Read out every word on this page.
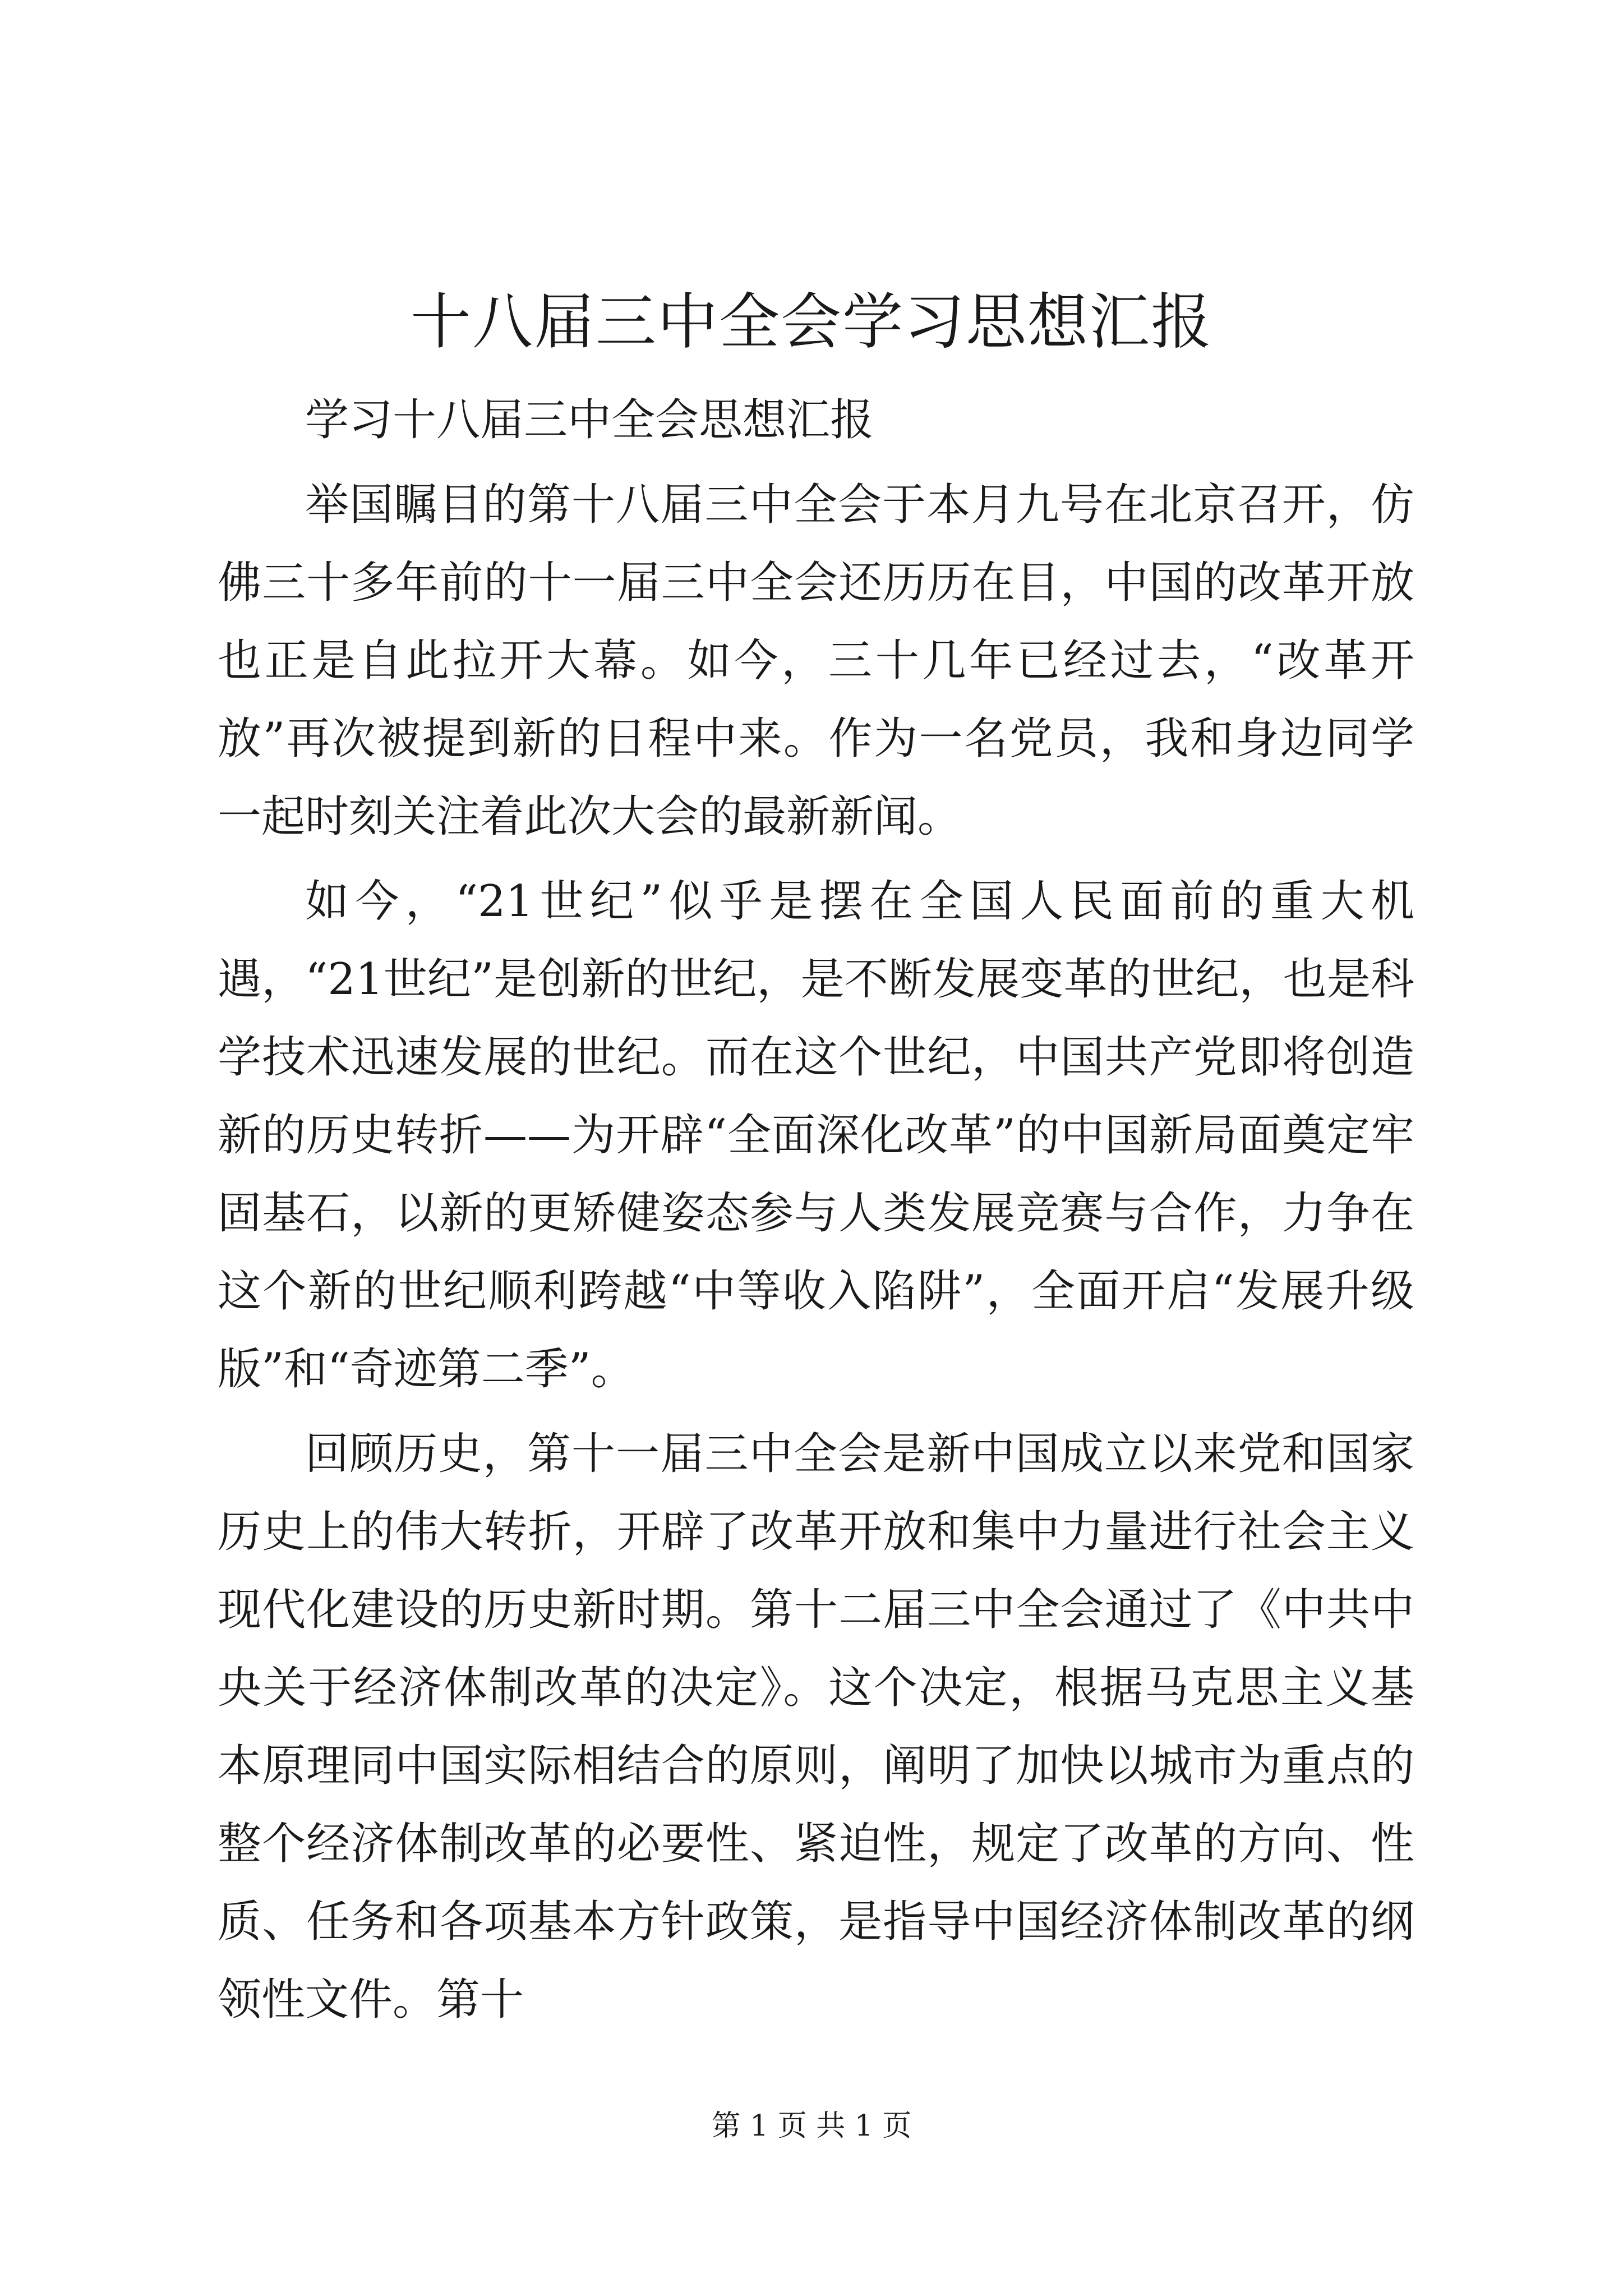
十八届三中全会学习思想汇报

学习十八届三中全会思想汇报

举国瞩目的第十八届三中全会于本月九号在北京召开，仿佛三十多年前的十一届三中全会还历历在目，中国的改革开放也正是自此拉开大幕。如今，三十几年已经过去，“改革开放”再次被提到新的日程中来。作为一名党员，我和身边同学一起时刻关注着此次大会的最新新闻。

如今，“21世纪”似乎是摆在全国人民面前的重大机遇，“21世纪”是创新的世纪，是不断发展变革的世纪，也是科学技术迅速发展的世纪。而在这个世纪，中国共产党即将创造新的历史转折——为开辟“全面深化改革”的中国新局面奠定牢固基石，以新的更矫健姿态参与人类发展竞赛与合作，力争在这个新的世纪顺利跨越“中等收入陷阱”，全面开启“发展升级版”和“奇迹第二季”。

回顾历史，第十一届三中全会是新中国成立以来党和国家历史上的伟大转折，开辟了改革开放和集中力量进行社会主义现代化建设的历史新时期。第十二届三中全会通过了《中共中央关于经济体制改革的决定》。这个决定，根据马克思主义基本原理同中国实际相结合的原则，阐明了加快以城市为重点的整个经济体制改革的必要性、紧迫性，规定了改革的方向、性质、任务和各项基本方针政策，是指导中国经济体制改革的纲领性文件。第十

第 1 页 共 1 页
